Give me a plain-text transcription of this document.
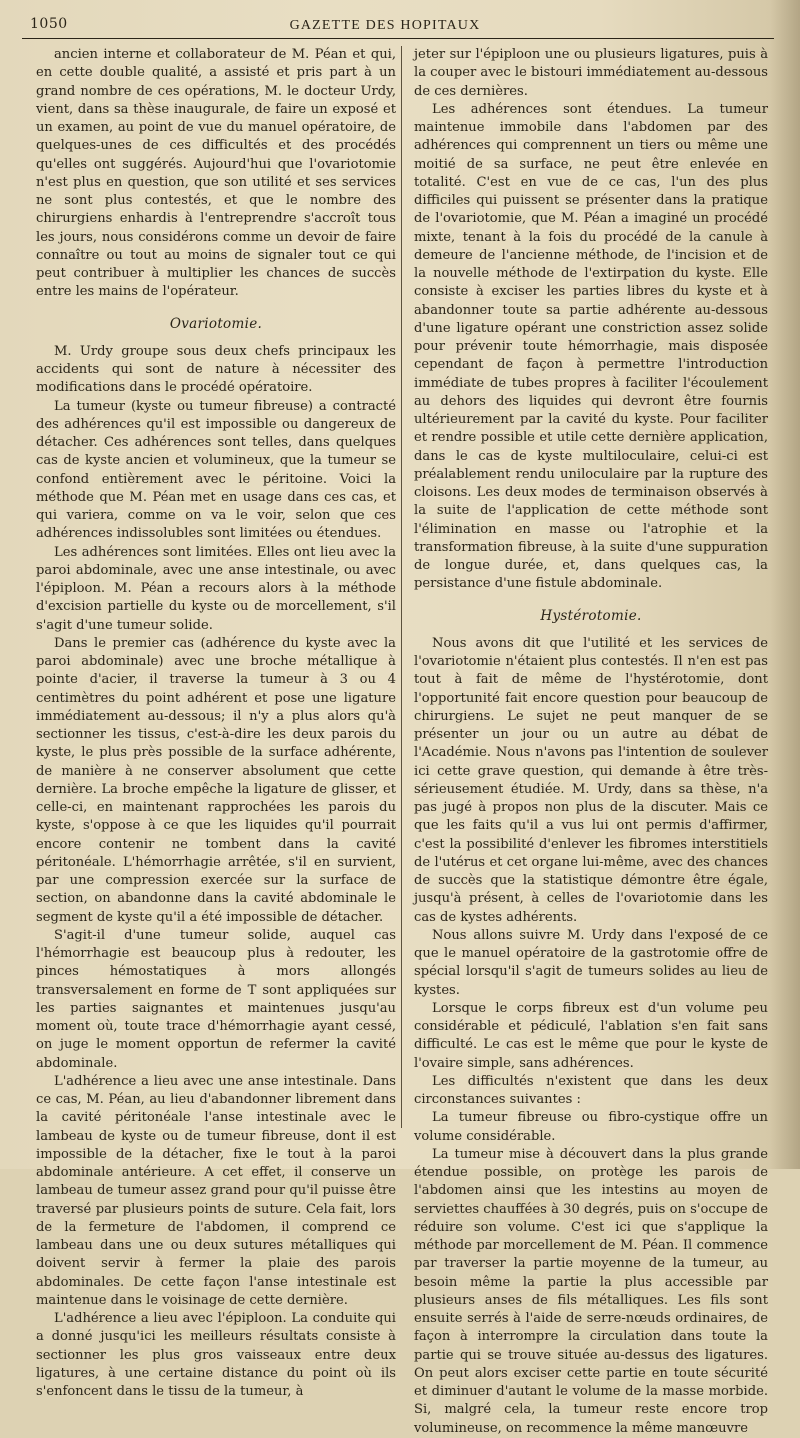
1050	GAZETTE DES HOPITAUX

ancien interne et collaborateur de M. Péan et qui, en cette double qualité, a assisté et pris part à un grand nombre de ces opérations, M. le docteur Urdy, vient, dans sa thèse inaugurale, de faire un exposé et un examen, au point de vue du manuel opératoire, de quelques-unes de ces difficultés et des procédés qu'elles ont suggérés. Aujourd'hui que l'ovariotomie n'est plus en question, que son utilité et ses services ne sont plus contestés, et que le nombre des chirurgiens enhardis à l'entreprendre s'accroît tous les jours, nous considérons comme un devoir de faire connaître ou tout au moins de signaler tout ce qui peut contribuer à multiplier les chances de succès entre les mains de l'opérateur.

Ovariotomie.

M. Urdy groupe sous deux chefs principaux les accidents qui sont de nature à nécessiter des modifications dans le procédé opératoire.

La tumeur (kyste ou tumeur fibreuse) a contracté des adhérences qu'il est impossible ou dangereux de détacher. Ces adhérences sont telles, dans quelques cas de kyste ancien et volumineux, que la tumeur se confond entièrement avec le péritoine. Voici la méthode que M. Péan met en usage dans ces cas, et qui variera, comme on va le voir, selon que ces adhérences indissolubles sont limitées ou étendues.

Les adhérences sont limitées. Elles ont lieu avec la paroi abdominale, avec une anse intestinale, ou avec l'épiploon. M. Péan a recours alors à la méthode d'excision partielle du kyste ou de morcellement, s'il s'agit d'une tumeur solide.

Dans le premier cas (adhérence du kyste avec la paroi abdominale) avec une broche métallique à pointe d'acier, il traverse la tumeur à 3 ou 4 centimètres du point adhérent et pose une ligature immédiatement au-dessous; il n'y a plus alors qu'à sectionner les tissus, c'est-à-dire les deux parois du kyste, le plus près possible de la surface adhérente, de manière à ne conserver absolument que cette dernière. La broche empêche la ligature de glisser, et celle-ci, en maintenant rapprochées les parois du kyste, s'oppose à ce que les liquides qu'il pourrait encore contenir ne tombent dans la cavité péritonéale. L'hémorrhagie arrêtée, s'il en survient, par une compression exercée sur la surface de section, on abandonne dans la cavité abdominale le segment de kyste qu'il a été impossible de détacher.

S'agit-il d'une tumeur solide, auquel cas l'hémorrhagie est beaucoup plus à redouter, les pinces hémostatiques à mors allongés transversalement en forme de T sont appliquées sur les parties saignantes et maintenues jusqu'au moment où, toute trace d'hémorrhagie ayant cessé, on juge le moment opportun de refermer la cavité abdominale.

L'adhérence a lieu avec une anse intestinale. Dans ce cas, M. Péan, au lieu d'abandonner librement dans la cavité péritonéale l'anse intestinale avec le lambeau de kyste ou de tumeur fibreuse, dont il est impossible de la détacher, fixe le tout à la paroi abdominale antérieure. A cet effet, il conserve un lambeau de tumeur assez grand pour qu'il puisse être traversé par plusieurs points de suture. Cela fait, lors de la fermeture de l'abdomen, il comprend ce lambeau dans une ou deux sutures métalliques qui doivent servir à fermer la plaie des parois abdominales. De cette façon l'anse intestinale est maintenue dans le voisinage de cette dernière.

L'adhérence a lieu avec l'épiploon. La conduite qui a donné jusqu'ici les meilleurs résultats consiste à sectionner les plus gros vaisseaux entre deux ligatures, à une certaine distance du point où ils s'enfoncent dans le tissu de la tumeur, à

jeter sur l'épiploon une ou plusieurs ligatures, puis à la couper avec le bistouri immédiatement au-dessous de ces dernières.

Les adhérences sont étendues. La tumeur maintenue immobile dans l'abdomen par des adhérences qui comprennent un tiers ou même une moitié de sa surface, ne peut être enlevée en totalité. C'est en vue de ce cas, l'un des plus difficiles qui puissent se présenter dans la pratique de l'ovariotomie, que M. Péan a imaginé un procédé mixte, tenant à la fois du procédé de la canule à demeure de l'ancienne méthode, de l'incision et de la nouvelle méthode de l'extirpation du kyste. Elle consiste à exciser les parties libres du kyste et à abandonner toute sa partie adhérente au-dessous d'une ligature opérant une constriction assez solide pour prévenir toute hémorrhagie, mais disposée cependant de façon à permettre l'introduction immédiate de tubes propres à faciliter l'écoulement au dehors des liquides qui devront être fournis ultérieurement par la cavité du kyste. Pour faciliter et rendre possible et utile cette dernière application, dans le cas de kyste multiloculaire, celui-ci est préalablement rendu uniloculaire par la rupture des cloisons. Les deux modes de terminaison observés à la suite de l'application de cette méthode sont l'élimination en masse ou l'atrophie et la transformation fibreuse, à la suite d'une suppuration de longue durée, et, dans quelques cas, la persistance d'une fistule abdominale.

Hystérotomie.

Nous avons dit que l'utilité et les services de l'ovariotomie n'étaient plus contestés. Il n'en est pas tout à fait de même de l'hystérotomie, dont l'opportunité fait encore question pour beaucoup de chirurgiens. Le sujet ne peut manquer de se présenter un jour ou un autre au débat de l'Académie. Nous n'avons pas l'intention de soulever ici cette grave question, qui demande à être très-sérieusement étudiée. M. Urdy, dans sa thèse, n'a pas jugé à propos non plus de la discuter. Mais ce que les faits qu'il a vus lui ont permis d'affirmer, c'est la possibilité d'enlever les fibromes interstitiels de l'utérus et cet organe lui-même, avec des chances de succès que la statistique démontre être égale, jusqu'à présent, à celles de l'ovariotomie dans les cas de kystes adhérents.

Nous allons suivre M. Urdy dans l'exposé de ce que le manuel opératoire de la gastrotomie offre de spécial lorsqu'il s'agit de tumeurs solides au lieu de kystes.

Lorsque le corps fibreux est d'un volume peu considérable et pédiculé, l'ablation s'en fait sans difficulté. Le cas est le même que pour le kyste de l'ovaire simple, sans adhérences.

Les difficultés n'existent que dans les deux circonstances suivantes :

La tumeur fibreuse ou fibro-cystique offre un volume considérable.

La tumeur mise à découvert dans la plus grande étendue possible, on protège les parois de l'abdomen ainsi que les intestins au moyen de serviettes chauffées à 30 degrés, puis on s'occupe de réduire son volume. C'est ici que s'applique la méthode par morcellement de M. Péan. Il commence par traverser la partie moyenne de la tumeur, au besoin même la partie la plus accessible par plusieurs anses de fils métalliques. Les fils sont ensuite serrés à l'aide de serre-nœuds ordinaires, de façon à interrompre la circulation dans toute la partie qui se trouve située au-dessus des ligatures. On peut alors exciser cette partie en toute sécurité et diminuer d'autant le volume de la masse morbide. Si, malgré cela, la tumeur reste encore trop volumineuse, on recommence la même manœuvre
